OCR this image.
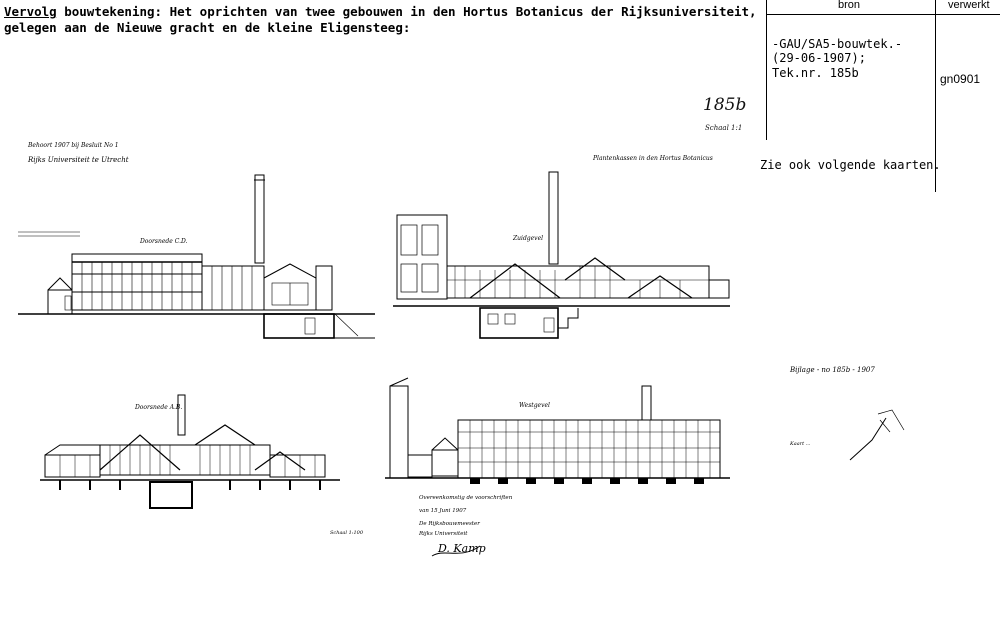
Vervolg bouwtekening: Het oprichten van twee gebouwen in den Hortus Botanicus der Rijksuniversiteit,
gelegen aan de Nieuwe gracht en de kleine Eligensteeg:
bron	verwerkt
-GAU/SA5-bouwtek.-
(29-06-1907);
Tek.nr. 185b	gn0901
Zie ook volgende kaarten.
185b
Schaal 1:1
Behoort 1907 bij Besluit No 1
Rijks Universiteit te Utrecht
Doorsnede C.D.
Plantenkassen in den Hortus Botanicus
Zuidgevel
Doorsnede A.B.
Schaal 1:100
Westgevel
Overeenkomstig de voorschriften
van 15 Juni 1907
De Rijksbouwmeester
Rijks Universiteit
D. Kamp
Bijlage - no 185b - 1907
Kaart ...
